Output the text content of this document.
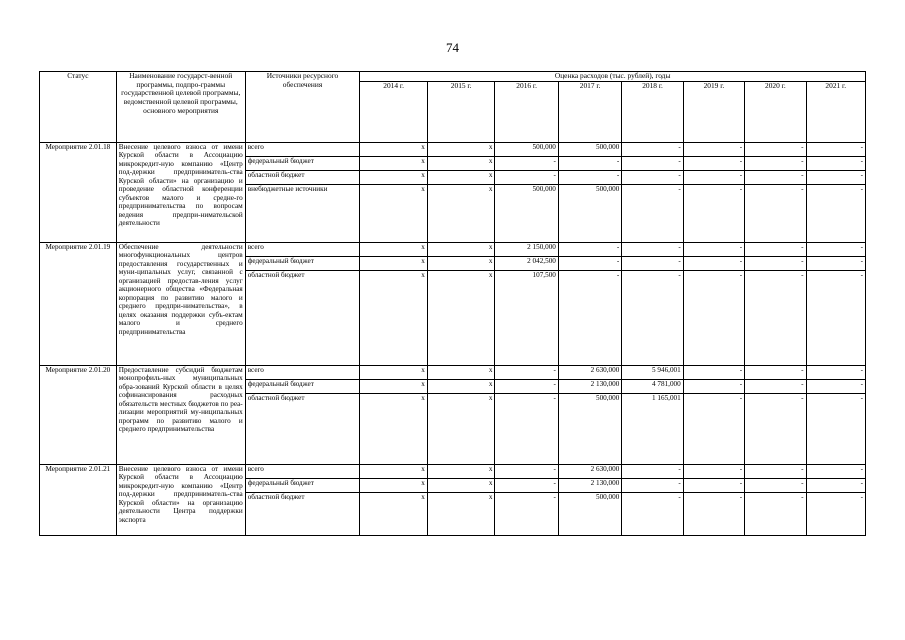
74
Статус	Наименование государст-венной программы, подпро-граммы государственной целевой программы, ведомственной целевой программы, основного мероприятия	Источники ресурсного обеспечения	Оценка расходов (тыс. рублей), годы							
			2014 г.	2015 г.	2016 г.	2017 г.	2018 г.	2019 г.	2020 г.	2021 г.
Мероприятие 2.01.18	Внесение целевого взноса от имени Курской области в Ассоциацию микрокредит-ную компанию «Центр под-держки предприниматель-ства Курской области» на организацию и проведение областной конференции субъектов малого и средне-го предпринимательства по вопросам ведения предпри-нимательской деятельности	всего	x	x	500,000	500,000	-	-	-	-
		федеральный бюджет	x	x	-	-	-	-	-	-
		областной бюджет	x	x	-	-	-	-	-	-
		внебюджетные источники	x	x	500,000	500,000	-	-	-	-
Мероприятие 2.01.19	Обеспечение деятельности многофункциональных центров предоставления государственных и муни-ципальных услуг, связанной с организацией предостав-ления услуг акционерного общества «Федеральная корпорация по развитию малого и среднего предпри-нимательства», в целях оказания поддержки субъ-ектам малого и среднего предпринимательства	всего	x	x	2 150,000	-	-	-	-	-
		федеральный бюджет	x	x	2 042,500	-	-	-	-	-
		областной бюджет	x	x	107,500	-	-	-	-	-
Мероприятие 2.01.20	Предоставление субсидий бюджетам монопрофиль-ных муниципальных обра-зований Курской области в целях софинансирования расходных обязательств местных бюджетов по реа-лизации мероприятий му-ниципальных программ по развитию малого и среднего предпринимательства	всего	x	x	-	2 630,000	5 946,001	-	-	-
		федеральный бюджет	x	x	-	2 130,000	4 781,000	-	-	-
		областной бюджет	x	x	-	500,000	1 165,001	-	-	-
Мероприятие 2.01.21	Внесение целевого взноса от имени Курской области в Ассоциацию микрокредит-ную компанию «Центр под-держки предприниматель-ства Курской области» на организацию деятельности Центра поддержки экспорта	всего	x	x	-	2 630,000	-	-	-	-
		федеральный бюджет	x	x	-	2 130,000	-	-	-	-
		областной бюджет	x	x	-	500,000	-	-	-	-
